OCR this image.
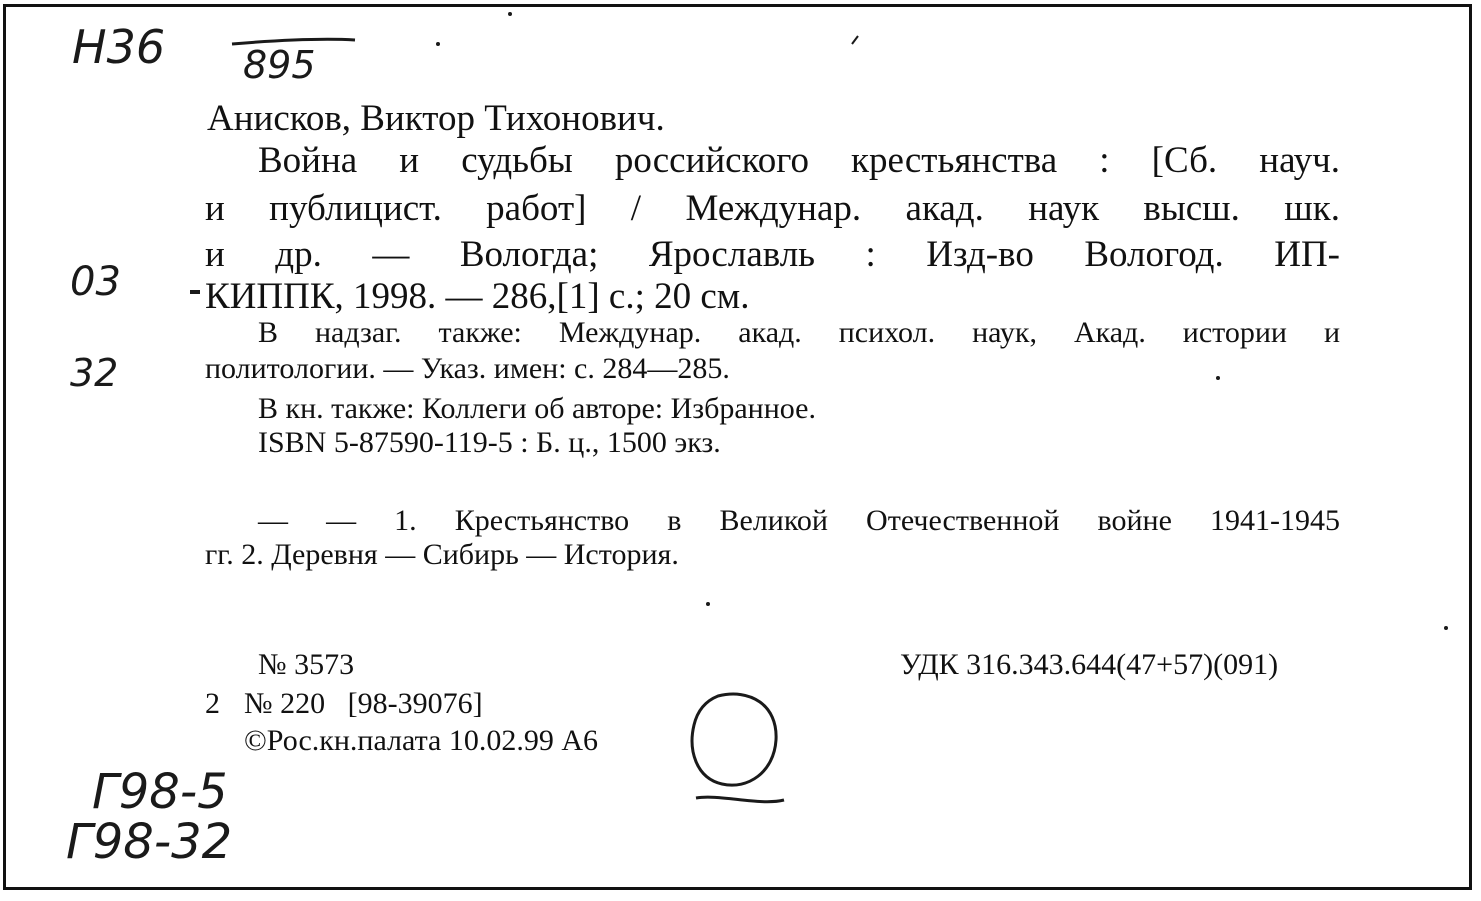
Н36 895
03
32
Г98-5
Г98-32
Анисков, Виктор Тихонович.
Война и судьбы российского крестьянства : [Сб. науч.
и публицист. работ] / Междунар. акад. наук высш. шк.
и др. — Вологда; Ярославль : Изд-во Вологод. ИП-
КИППК, 1998. — 286,[1] с.; 20 см.
В надзаг. также: Междунар. акад. психол. наук, Акад. истории и
политологии. — Указ. имен: с. 284—285.
В кн. также: Коллеги об авторе: Избранное.
ISBN 5-87590-119-5 : Б. ц., 1500 экз.
— — 1. Крестьянство в Великой Отечественной войне 1941-1945
гг. 2. Деревня — Сибирь — История.
№ 3573
2 № 220   [98-39076]
©Рос.кн.палата 10.02.99 А6
УДК 316.343.644(47+57)(091)
